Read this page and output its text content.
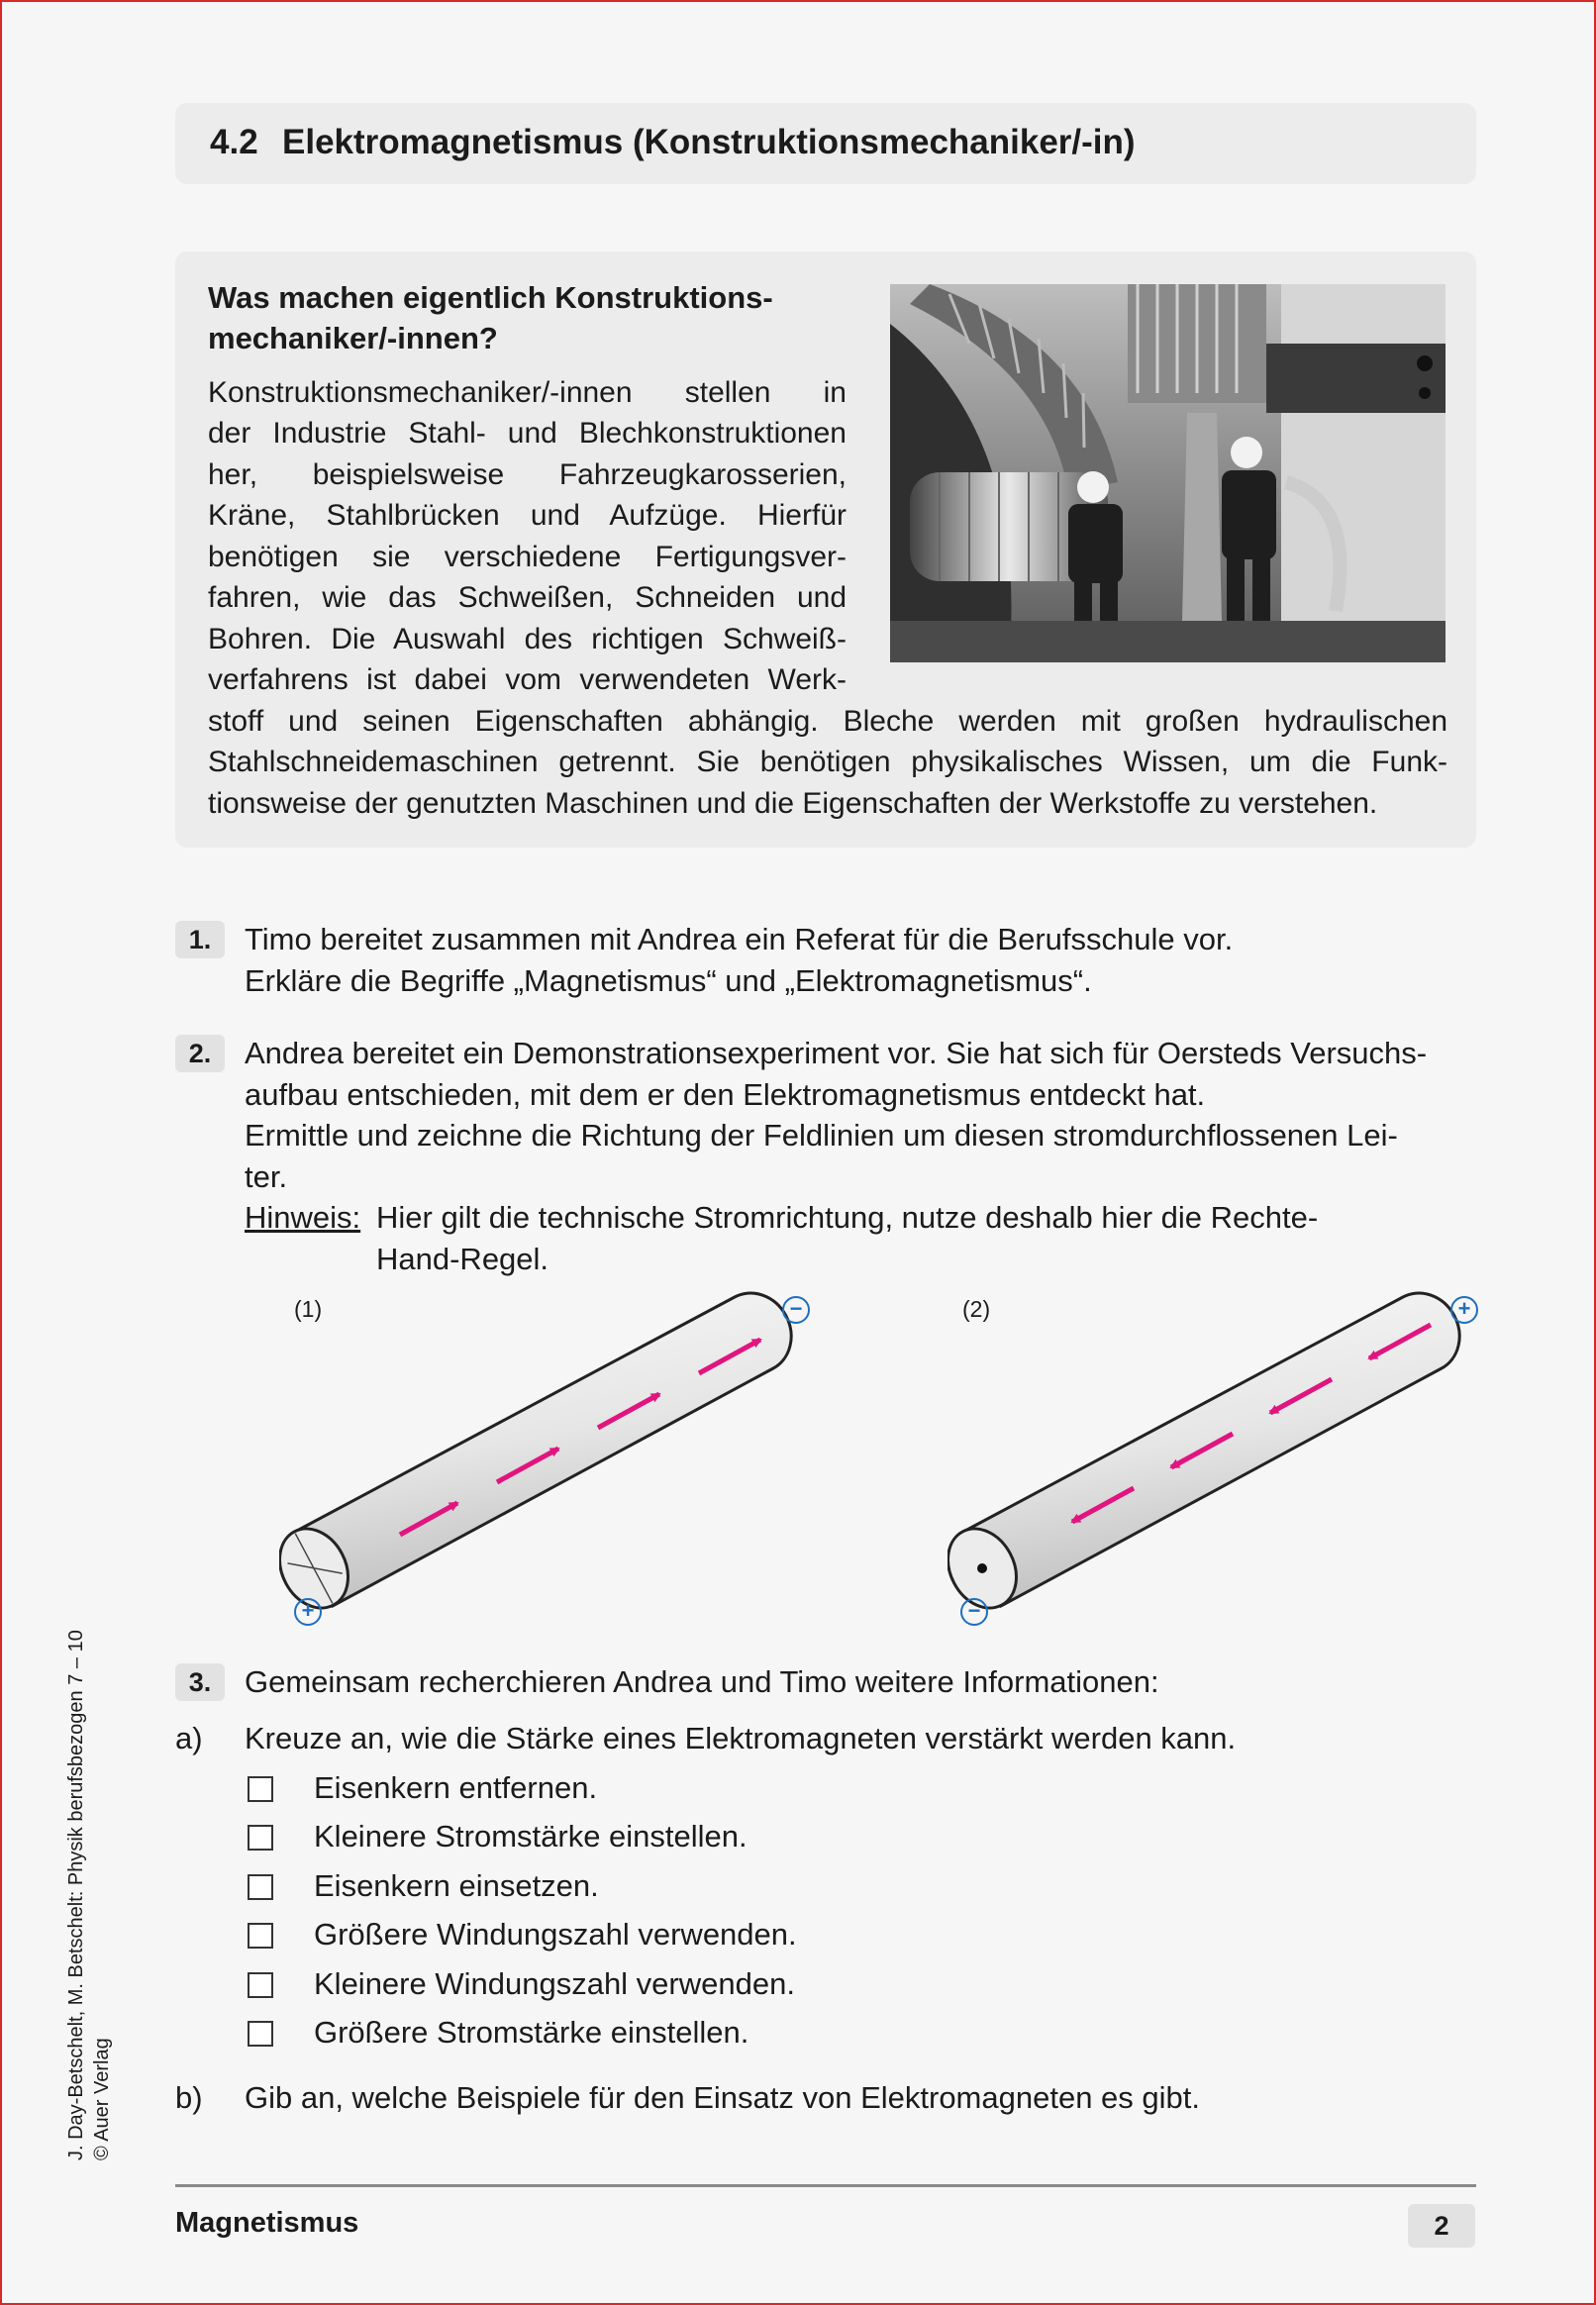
4.2 Elektromagnetismus (Konstruktionsmechaniker/-in)
Was machen eigentlich Konstruktions-
mechaniker/-innen?
Konstruktionsmechaniker/-innen stellen in
der Industrie Stahl- und Blechkonstruktionen
her, beispielsweise Fahrzeugkarosserien,
Kräne, Stahlbrücken und Aufzüge. Hierfür
benötigen sie verschiedene Fertigungsver-
fahren, wie das Schweißen, Schneiden und
Bohren. Die Auswahl des richtigen Schweiß-
verfahrens ist dabei vom verwendeten Werk-
stoff und seinen Eigenschaften abhängig. Bleche werden mit großen hydraulischen
Stahlschneidemaschinen getrennt. Sie benötigen physikalisches Wissen, um die Funk-
tionsweise der genutzten Maschinen und die Eigenschaften der Werkstoffe zu verstehen.
1.	Timo bereitet zusammen mit Andrea ein Referat für die Berufsschule vor.
Erkläre die Begriffe „Magnetismus“ und „Elektromagnetismus“.
2.	Andrea bereitet ein Demonstrationsexperiment vor. Sie hat sich für Oersteds Versuchs-
aufbau entschieden, mit dem er den Elektromagnetismus entdeckt hat.
Ermittle und zeichne die Richtung der Feldlinien um diesen stromdurchflossenen Lei-
ter.
Hinweis: Hier gilt die technische Stromrichtung, nutze deshalb hier die Rechte-
Hand-Regel.
(1)	(2)
−
+
+
−
3.	Gemeinsam recherchieren Andrea und Timo weitere Informationen:
a) Kreuze an, wie die Stärke eines Elektromagneten verstärkt werden kann.
Eisenkern entfernen.
Kleinere Stromstärke einstellen.
Eisenkern einsetzen.
Größere Windungszahl verwenden.
Kleinere Windungszahl verwenden.
Größere Stromstärke einstellen.
b) Gib an, welche Beispiele für den Einsatz von Elektromagneten es gibt.
Magnetismus	2
J. Day-Betschelt, M. Betschelt: Physik berufsbezogen 7 – 10 © Auer Verlag
